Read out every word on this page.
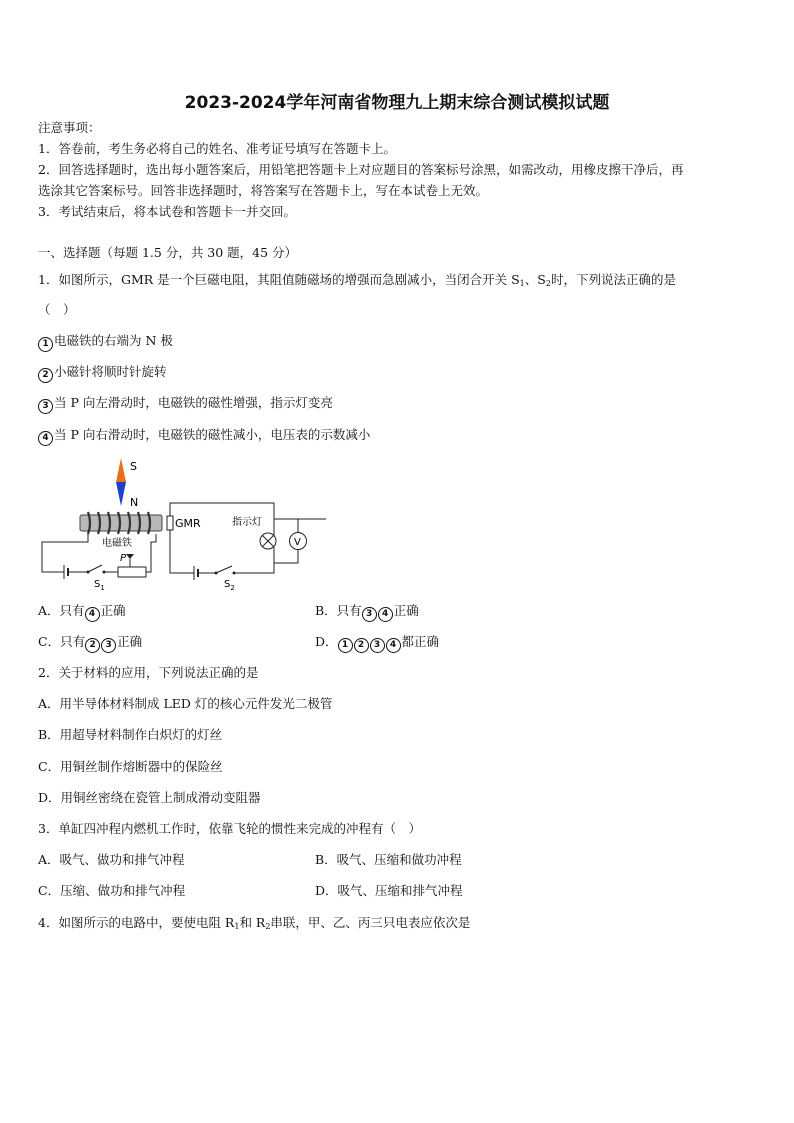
2023-2024学年河南省物理九上期末综合测试模拟试题
注意事项：
1．答卷前，考生务必将自己的姓名、准考证号填写在答题卡上。
2．回答选择题时，选出每小题答案后，用铅笔把答题卡上对应题目的答案标号涂黑，如需改动，用橡皮擦干净后，再
选涂其它答案标号。回答非选择题时，将答案写在答题卡上，写在本试卷上无效。
3．考试结束后，将本试卷和答题卡一并交回。
一、选择题（每题 1.5 分，共 30 题，45 分）
1．如图所示，GMR 是一个巨磁电阻，其阻值随磁场的增强而急剧减小，当闭合开关 $S_1$、$S_2$时，下列说法正确的是
（　）
1 电磁铁的右端为 N 极
2 小磁针将顺时针旋转
3 当 P 向左滑动时，电磁铁的磁性增强，指示灯变亮
4 当 P 向右滑动时，电磁铁的磁性减小，电压表的示数减小
S
N
电磁铁
P
$S_1$
GMR	指示灯
V
$S_2$
A．只有 4 正确	B．只有 3 4 正确
C．只有 2 3 正确	D． 1 2 3 4 都正确
2．关于材料的应用，下列说法正确的是
A．用半导体材料制成 LED 灯的核心元件发光二极管
B．用超导材料制作白炽灯的灯丝
C．用铜丝制作熔断器中的保险丝
D．用铜丝密绕在瓷管上制成滑动变阻器
3．单缸四冲程内燃机工作时，依靠飞轮的惯性来完成的冲程有（　）
A．吸气、做功和排气冲程	B．吸气、压缩和做功冲程
C．压缩、做功和排气冲程	D．吸气、压缩和排气冲程
4．如图所示的电路中，要使电阻 $R_1$和 $R_2$串联，甲、乙、丙三只电表应依次是
